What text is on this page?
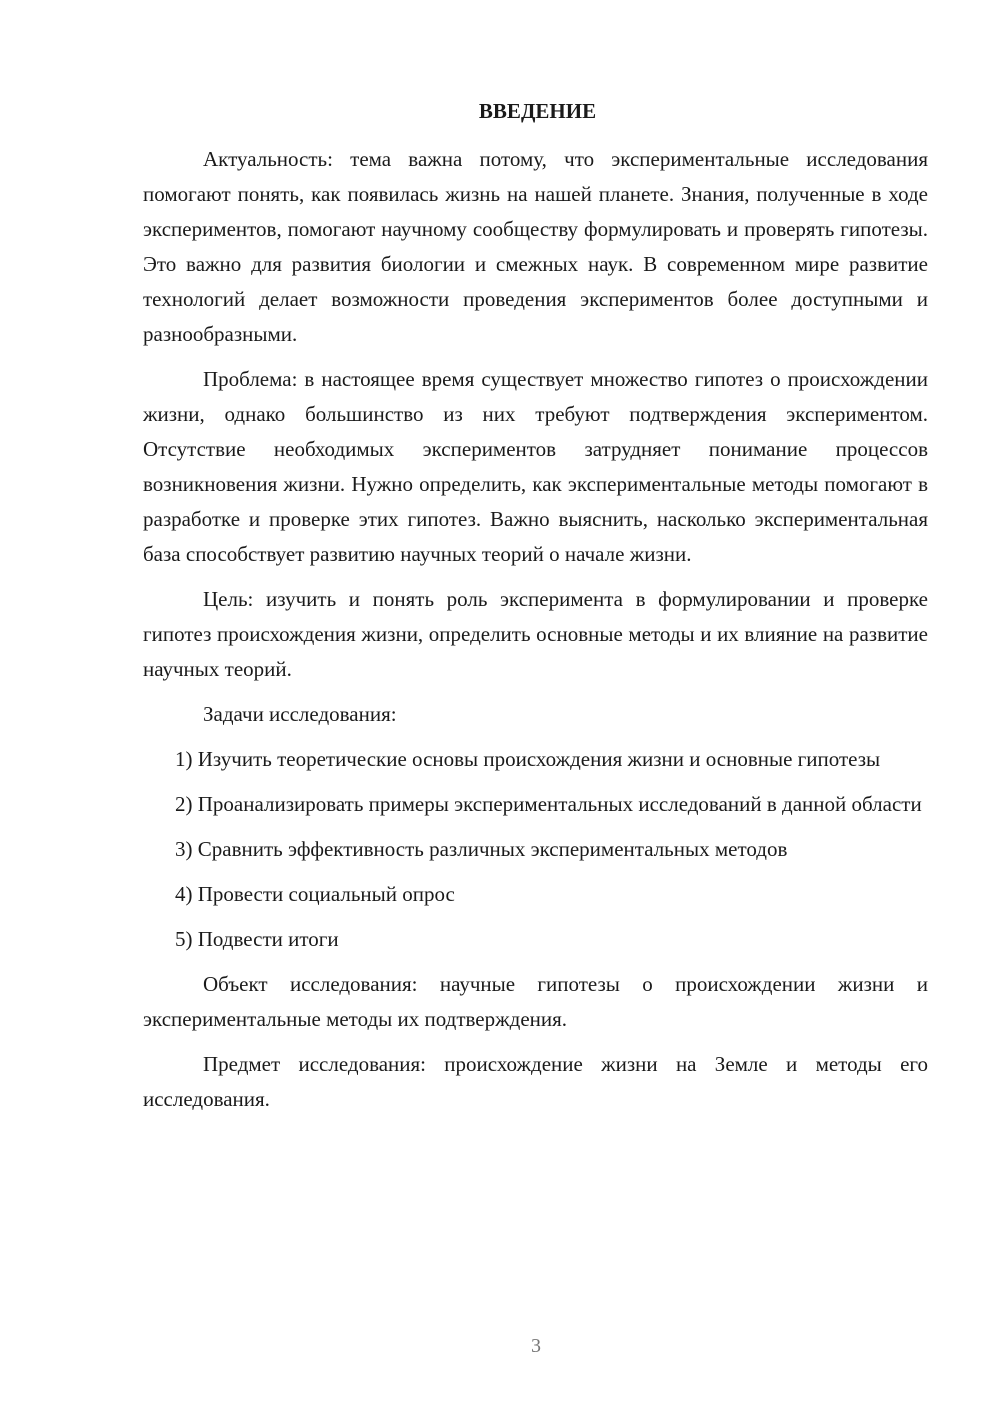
ВВЕДЕНИЕ

Актуальность: тема важна потому, что экспериментальные исследования помогают понять, как появилась жизнь на нашей планете. Знания, полученные в ходе экспериментов, помогают научному сообществу формулировать и проверять гипотезы. Это важно для развития биологии и смежных наук. В современном мире развитие технологий делает возможности проведения экспериментов более доступными и разнообразными.

Проблема: в настоящее время существует множество гипотез о происхождении жизни, однако большинство из них требуют подтверждения экспериментом. Отсутствие необходимых экспериментов затрудняет понимание процессов возникновения жизни. Нужно определить, как экспериментальные методы помогают в разработке и проверке этих гипотез. Важно выяснить, насколько экспериментальная база способствует развитию научных теорий о начале жизни.

Цель: изучить и понять роль эксперимента в формулировании и проверке гипотез происхождения жизни, определить основные методы и их влияние на развитие научных теорий.

Задачи исследования:

1) Изучить теоретические основы происхождения жизни и основные гипотезы

2) Проанализировать примеры экспериментальных исследований в данной области

3) Сравнить эффективность различных экспериментальных методов

4) Провести социальный опрос

5) Подвести итоги

Объект исследования: научные гипотезы о происхождении жизни и экспериментальные методы их подтверждения.

Предмет исследования: происхождение жизни на Земле и методы его исследования.

3
